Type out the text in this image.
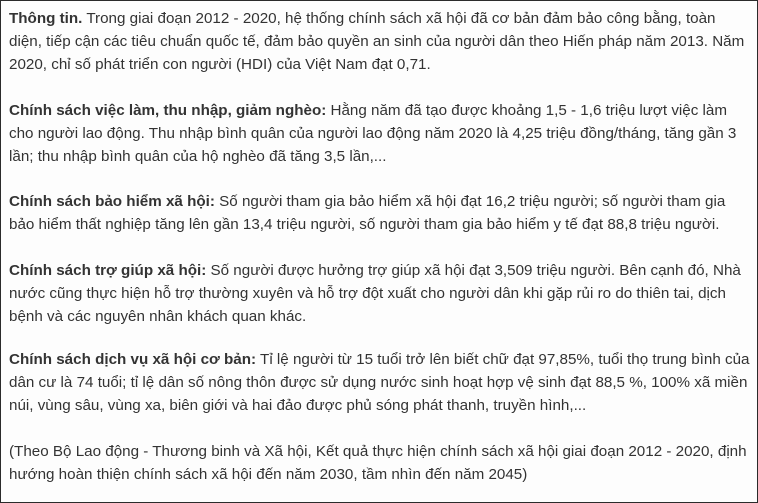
Thông tin. Trong giai đoạn 2012 - 2020, hệ thống chính sách xã hội đã cơ bản đảm bảo công bằng, toàn diện, tiếp cận các tiêu chuẩn quốc tế, đảm bảo quyền an sinh của người dân theo Hiến pháp năm 2013. Năm 2020, chỉ số phát triển con người (HDI) của Việt Nam đạt 0,71.

Chính sách việc làm, thu nhập, giảm nghèo: Hằng năm đã tạo được khoảng 1,5 - 1,6 triệu lượt việc làm cho người lao động. Thu nhập bình quân của người lao động năm 2020 là 4,25 triệu đồng/tháng, tăng gần 3 lần; thu nhập bình quân của hộ nghèo đã tăng 3,5 lần,...

Chính sách bảo hiểm xã hội: Số người tham gia bảo hiểm xã hội đạt 16,2 triệu người; số người tham gia bảo hiểm thất nghiệp tăng lên gần 13,4 triệu người, số người tham gia bảo hiểm y tế đạt 88,8 triệu người.

Chính sách trợ giúp xã hội: Số người được hưởng trợ giúp xã hội đạt 3,509 triệu người. Bên cạnh đó, Nhà nước cũng thực hiện hỗ trợ thường xuyên và hỗ trợ đột xuất cho người dân khi gặp rủi ro do thiên tai, dịch bệnh và các nguyên nhân khách quan khác.

Chính sách dịch vụ xã hội cơ bản: Tỉ lệ người từ 15 tuổi trở lên biết chữ đạt 97,85%, tuổi thọ trung bình của dân cư là 74 tuổi; tỉ lệ dân số nông thôn được sử dụng nước sinh hoạt hợp vệ sinh đạt 88,5 %, 100% xã miền núi, vùng sâu, vùng xa, biên giới và hai đảo được phủ sóng phát thanh, truyền hình,...

(Theo Bộ Lao động - Thương binh và Xã hội, Kết quả thực hiện chính sách xã hội giai đoạn 2012 - 2020, định hướng hoàn thiện chính sách xã hội đến năm 2030, tầm nhìn đến năm 2045)
